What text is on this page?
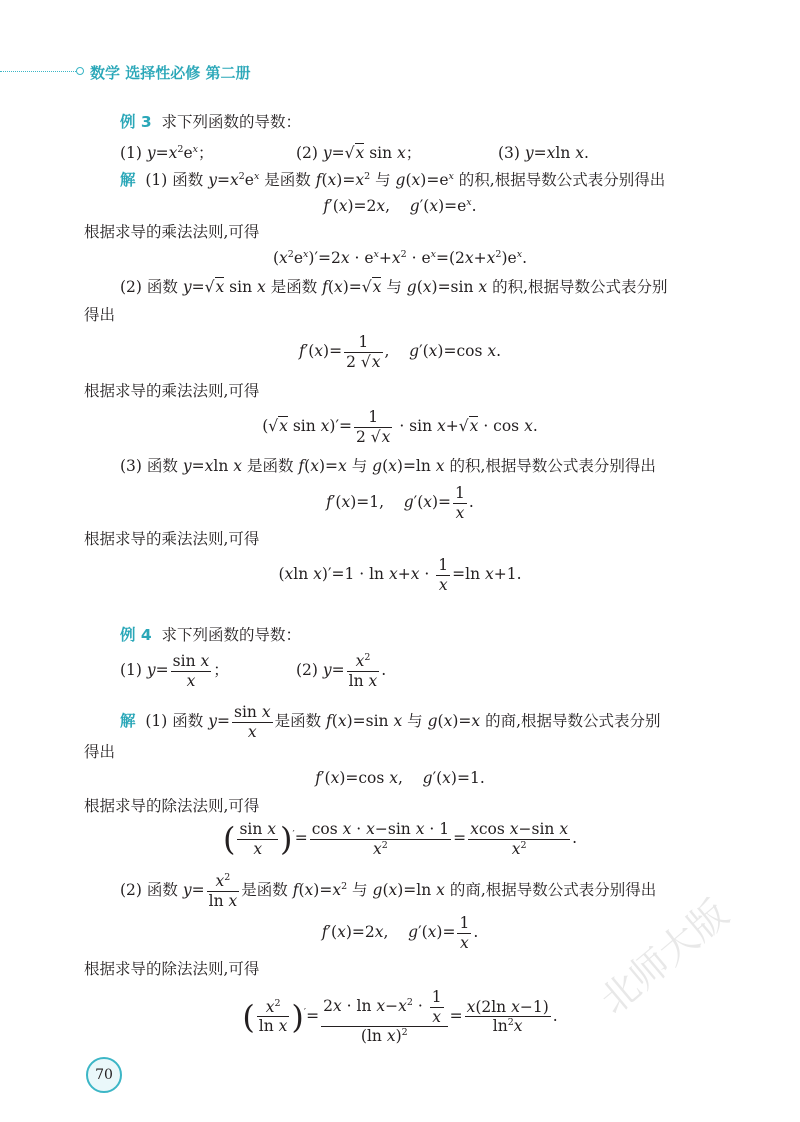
数学 选择性必修 第二册
例 3 求下列函数的导数：
(1) $y=x^2e^x$；	(2) y=√x sin x；	(3) y=xln x.
解 (1) 函数 $y=x^2e^x$ 是函数 $f(x)=x^2$ 与 $g(x)=e^x$ 的积,根据导数公式表分别得出
f′(x)=2x,    $g'(x)=e^x$.
根据求导的乘法法则,可得
$(x^2e^x)'=2x \cdot e^x+x^2 \cdot e^x=(2x+x^2)e^x$.
(2) 函数 y=√x sin x 是函数 f(x)=√x 与 g(x)=sin x 的积,根据导数公式表分别
得出
$f'(x)= \frac{1}{2 √x}$ ,    g′(x)=cos x.
根据求导的乘法法则,可得
(√x $\sin x)'= \frac{1}{2 √x} \cdot \sin x+√x \cdot \cos x$.
(3) 函数 y=xln x 是函数 f(x)=x 与 g(x)=ln x 的积,根据导数公式表分别得出
f′(x)=1,    $g'(x)= \frac{1}{x}$ .
根据求导的乘法法则,可得
(xln $x)'=1 \cdot \ln x+x \cdot \frac{1}{x} =\ln$ x+1.
例 4 求下列函数的导数：
(1) $y= \frac{\text{sin x}}{x}$ ；	(2) $y= \frac{x^2}{\text{ln x}}$ .
解 (1) 函数 $y= \frac{\text{sin x}}{x}$ 是函数 f(x)=sin x 与 g(x)=x 的商,根据导数公式表分别
得出
f′(x)=cos x,    g′(x)=1.
根据求导的除法法则,可得
( $\frac{\text{sin x}}{x} )'= \frac{\text{cos x · x−sin x · 1}}{x^2} = \frac{\text{xcos x−sin x}}{x^2}$ .
(2) 函数 $y= \frac{x^2}{\text{ln x}}$ 是函数 $f(x)=x^2$ 与 g(x)=ln x 的商,根据导数公式表分别得出
f′(x)=2x,    $g'(x)= \frac{1}{x}$ .
根据求导的除法法则,可得
( $\frac{x^2}{\text{ln x}} )'= \frac{2x \cdot \ln x-x^2 \cdot \frac{1}{x}}{(\ln x)^2} = \frac{\text{x(2ln x−1)}}{\ln^2x}$ .
70
北师大版
